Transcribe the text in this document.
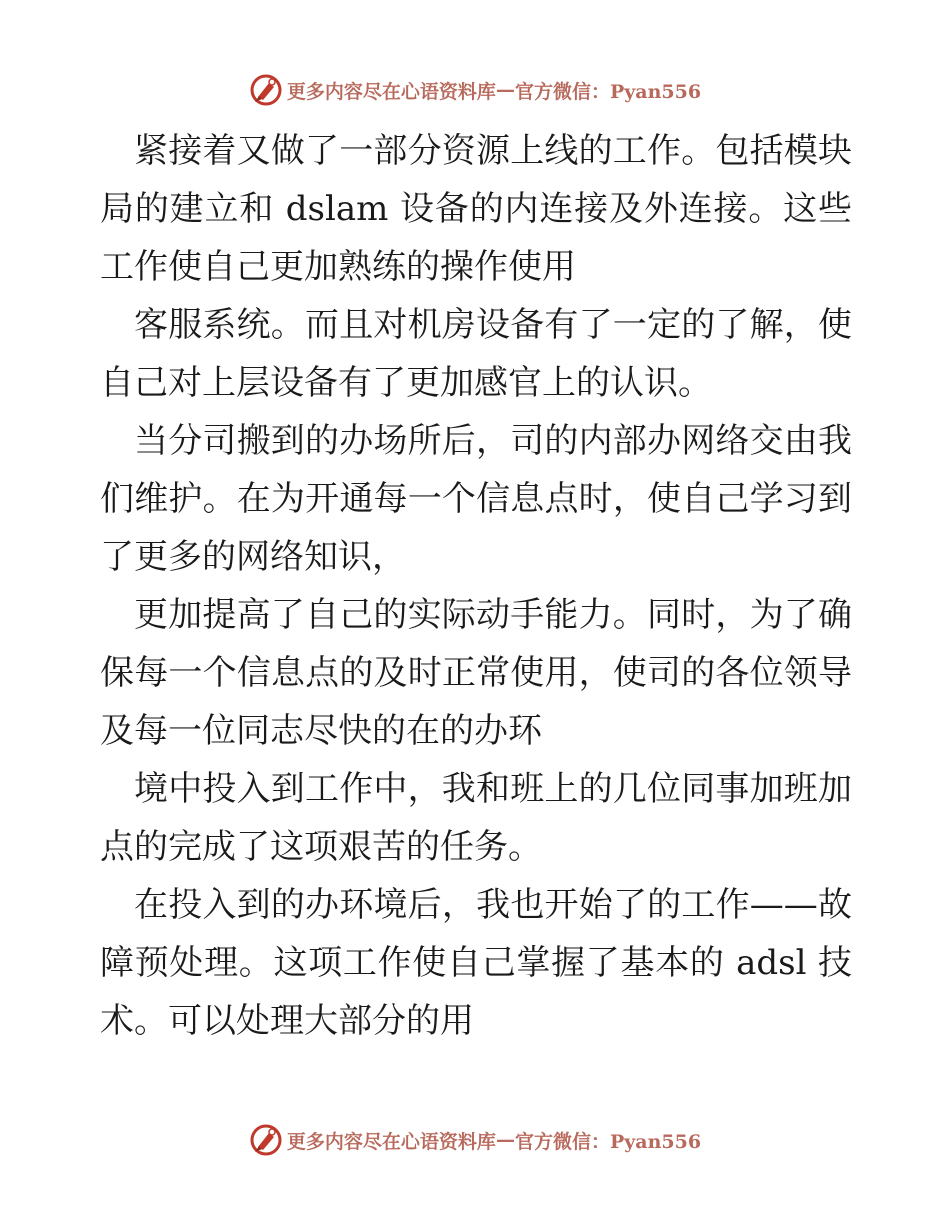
更多内容尽在心语资料库 — 官方微信：Pyan556

紧接着又做了一部分资源上线的工作。包括模块局的建立和 dslam 设备的内连接及外连接。这些工作使自己更加熟练的操作使用

客服系统。而且对机房设备有了一定的了解，使自己对上层设备有了更加感官上的认识。

当分司搬到的办场所后，司的内部办网络交由我们维护。在为开通每一个信息点时，使自己学习到了更多的网络知识，

更加提高了自己的实际动手能力。同时，为了确保每一个信息点的及时正常使用，使司的各位领导及每一位同志尽快的在的办环

境中投入到工作中，我和班上的几位同事加班加点的完成了这项艰苦的任务。

在投入到的办环境后，我也开始了的工作——故障预处理。这项工作使自己掌握了基本的 adsl 技术。可以处理大部分的用

更多内容尽在心语资料库 — 官方微信：Pyan556
